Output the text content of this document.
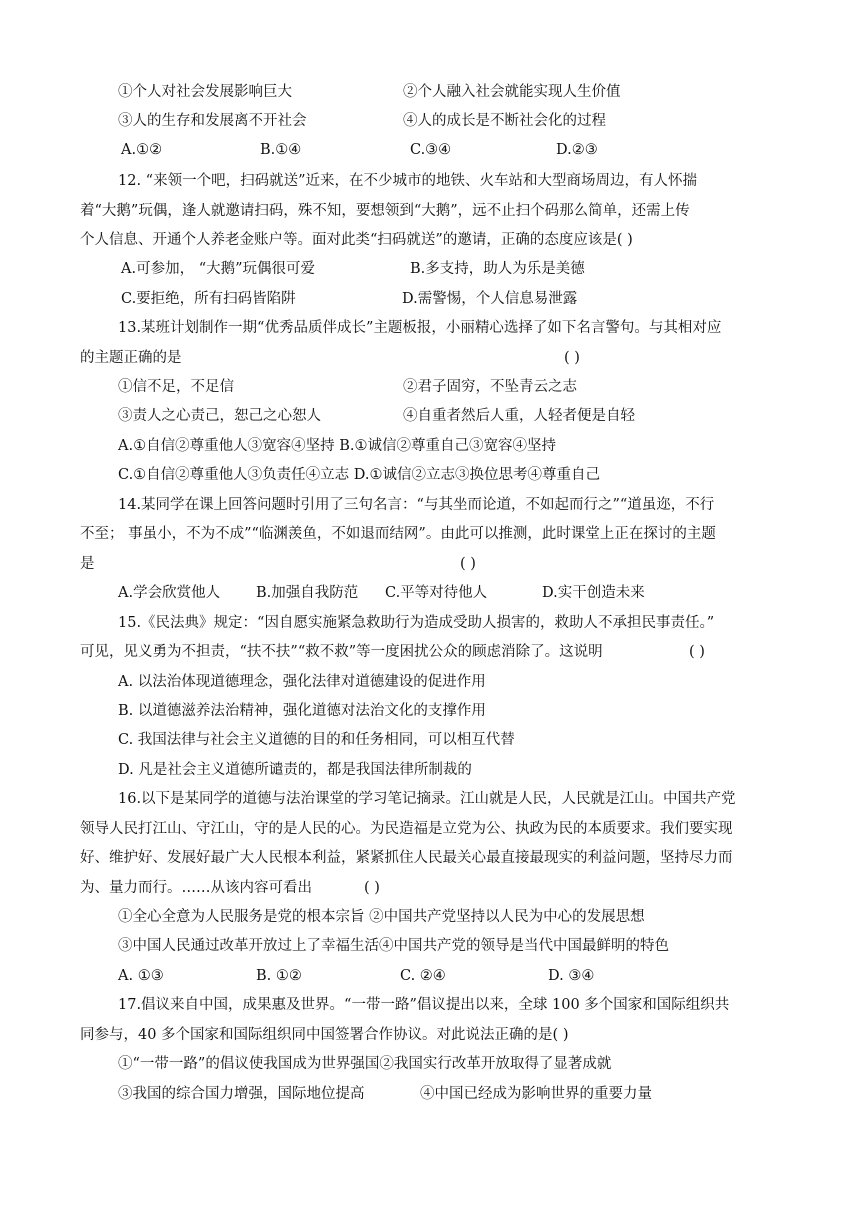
①个人对社会发展影响巨大	②个人融入社会就能实现人生价值
③人的生存和发展离不开社会	④人的成长是不断社会化的过程
A.①②	B.①④	C.③④	D.②③
12. “来领一个吧，扫码就送”近来，在不少城市的地铁、火车站和大型商场周边，有人怀揣
着“大鹅”玩偶，逢人就邀请扫码，殊不知，要想领到“大鹅”，远不止扫个码那么简单，还需上传
个人信息、开通个人养老金账户等。面对此类“扫码就送”的邀请，正确的态度应该是( )
A.可参加， “大鹅”玩偶很可爱	B.多支持，助人为乐是美德
C.要拒绝，所有扫码皆陷阱	D.需警惕，个人信息易泄露
13.某班计划制作一期“优秀品质伴成长”主题板报，小丽精心选择了如下名言警句。与其相对应
的主题正确的是	( )
①信不足，不足信	②君子固穷，不坠青云之志
③责人之心责己，恕己之心恕人	④自重者然后人重，人轻者便是自轻
A.①自信②尊重他人③宽容④坚持 B.①诚信②尊重自己③宽容④坚持
C.①自信②尊重他人③负责任④立志 D.①诚信②立志③换位思考④尊重自己
14.某同学在课上回答问题时引用了三句名言：“与其坐而论道，不如起而行之”“道虽迩，不行
不至； 事虽小，不为不成”“临渊羡鱼，不如退而结网”。由此可以推测，此时课堂上正在探讨的主题
是	( )
A.学会欣赏他人 B.加强自我防范 C.平等对待他人	D.实干创造未来
15.《民法典》规定：“因自愿实施紧急救助行为造成受助人损害的，救助人不承担民事责任。”
可见，见义勇为不担责，“扶不扶”“救不救”等一度困扰公众的顾虑消除了。这说明	( )
A. 以法治体现道德理念，强化法律对道德建设的促进作用
B. 以道德滋养法治精神，强化道德对法治文化的支撑作用
C. 我国法律与社会主义道德的目的和任务相同，可以相互代替
D. 凡是社会主义道德所谴责的，都是我国法律所制裁的
16.以下是某同学的道德与法治课堂的学习笔记摘录。江山就是人民，人民就是江山。中国共产党
领导人民打江山、守江山，守的是人民的心。为民造福是立党为公、执政为民的本质要求。我们要实现
好、维护好、发展好最广大人民根本利益，紧紧抓住人民最关心最直接最现实的利益问题，坚持尽力而
为、量力而行。……从该内容可看出	( )
①全心全意为人民服务是党的根本宗旨 ②中国共产党坚持以人民为中心的发展思想
③中国人民通过改革开放过上了幸福生活④中国共产党的领导是当代中国最鲜明的特色
A. ①③	B. ①②	C. ②④	D. ③④
17.倡议来自中国，成果惠及世界。“一带一路”倡议提出以来，全球 100 多个国家和国际组织共
同参与，40 多个国家和国际组织同中国签署合作协议。对此说法正确的是( )
①“一带一路”的倡议使我国成为世界强国②我国实行改革开放取得了显著成就
③我国的综合国力增强，国际地位提高	④中国已经成为影响世界的重要力量
